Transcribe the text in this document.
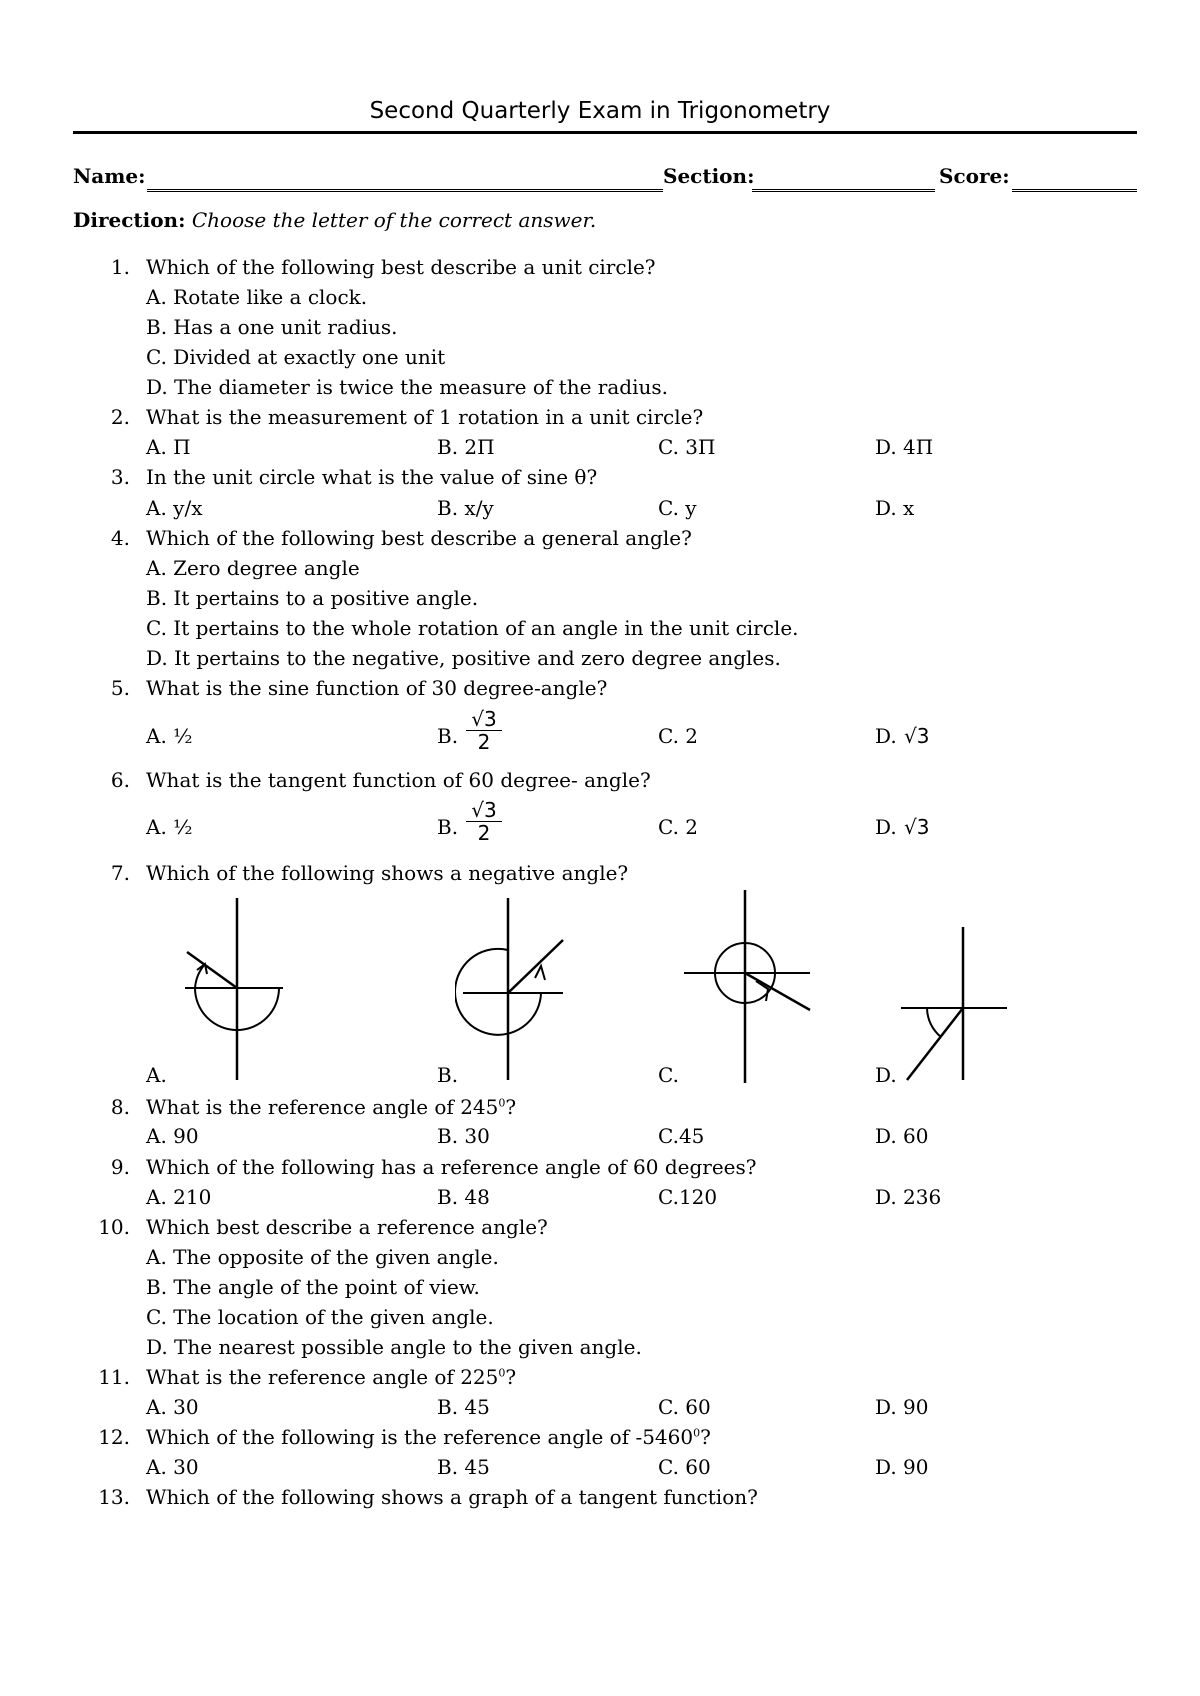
Second Quarterly Exam in Trigonometry
Name:	Section:	Score:
Direction: Choose the letter of the correct answer.
1. Which of the following best describe a unit circle?
A. Rotate like a clock.
B. Has a one unit radius.
C. Divided at exactly one unit
D. The diameter is twice the measure of the radius.
2. What is the measurement of 1 rotation in a unit circle?
A. Π	B. 2Π	C. 3Π	D. 4Π
3. In the unit circle what is the value of sine θ?
A. y/x	B. x/y	C. y	D. x
4. Which of the following best describe a general angle?
A. Zero degree angle
B. It pertains to a positive angle.
C. It pertains to the whole rotation of an angle in the unit circle.
D. It pertains to the negative, positive and zero degree angles.
5. What is the sine function of 30 degree-angle?
A. ½	B. $\frac{√3}{2}$	C. 2	D. √3
6. What is the tangent function of 60 degree- angle?
A. ½	B. $\frac{√3}{2}$	C. 2	D. √3
7. Which of the following shows a negative angle?
A.	B.	C.	D.
8. What is the reference angle of $245^0$?
A. 90	B. 30	C.45	D. 60
9. Which of the following has a reference angle of 60 degrees?
A. 210	B. 48	C.120	D. 236
10. Which best describe a reference angle?
A. The opposite of the given angle.
B. The angle of the point of view.
C. The location of the given angle.
D. The nearest possible angle to the given angle.
11. What is the reference angle of $225^0$?
A. 30	B. 45	C. 60	D. 90
12. Which of the following is the reference angle of -5460$^0$?
A. 30	B. 45	C. 60	D. 90
13. Which of the following shows a graph of a tangent function?
